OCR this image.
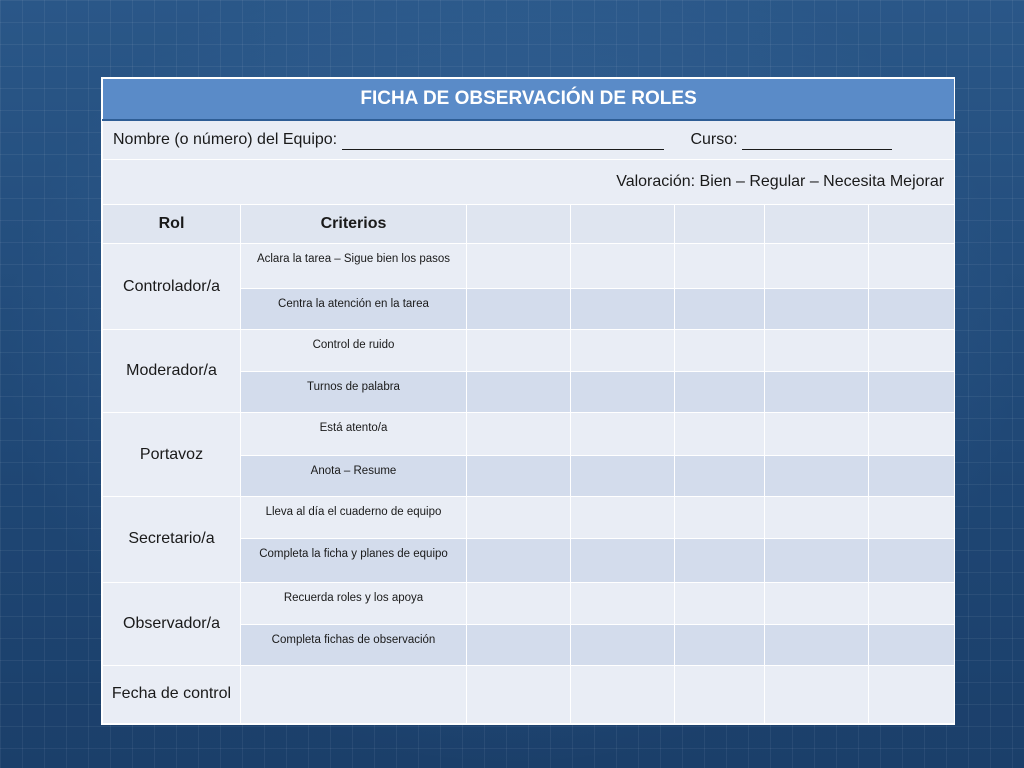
FICHA DE OBSERVACIÓN DE ROLES						
Nombre (o número) del Equipo: Curso:						
Valoración: Bien – Regular – Necesita Mejorar						
Rol	Criterios					
Controlador/a	Aclara la tarea – Sigue bien los pasos					
	Centra la atención en la tarea					
Moderador/a	Control de ruido					
	Turnos de palabra					
Portavoz	Está atento/a					
	Anota – Resume					
Secretario/a	Lleva al día el cuaderno de equipo					
	Completa la ficha y planes de equipo					
Observador/a	Recuerda roles y los apoya					
	Completa fichas de observación					
Fecha de control						
